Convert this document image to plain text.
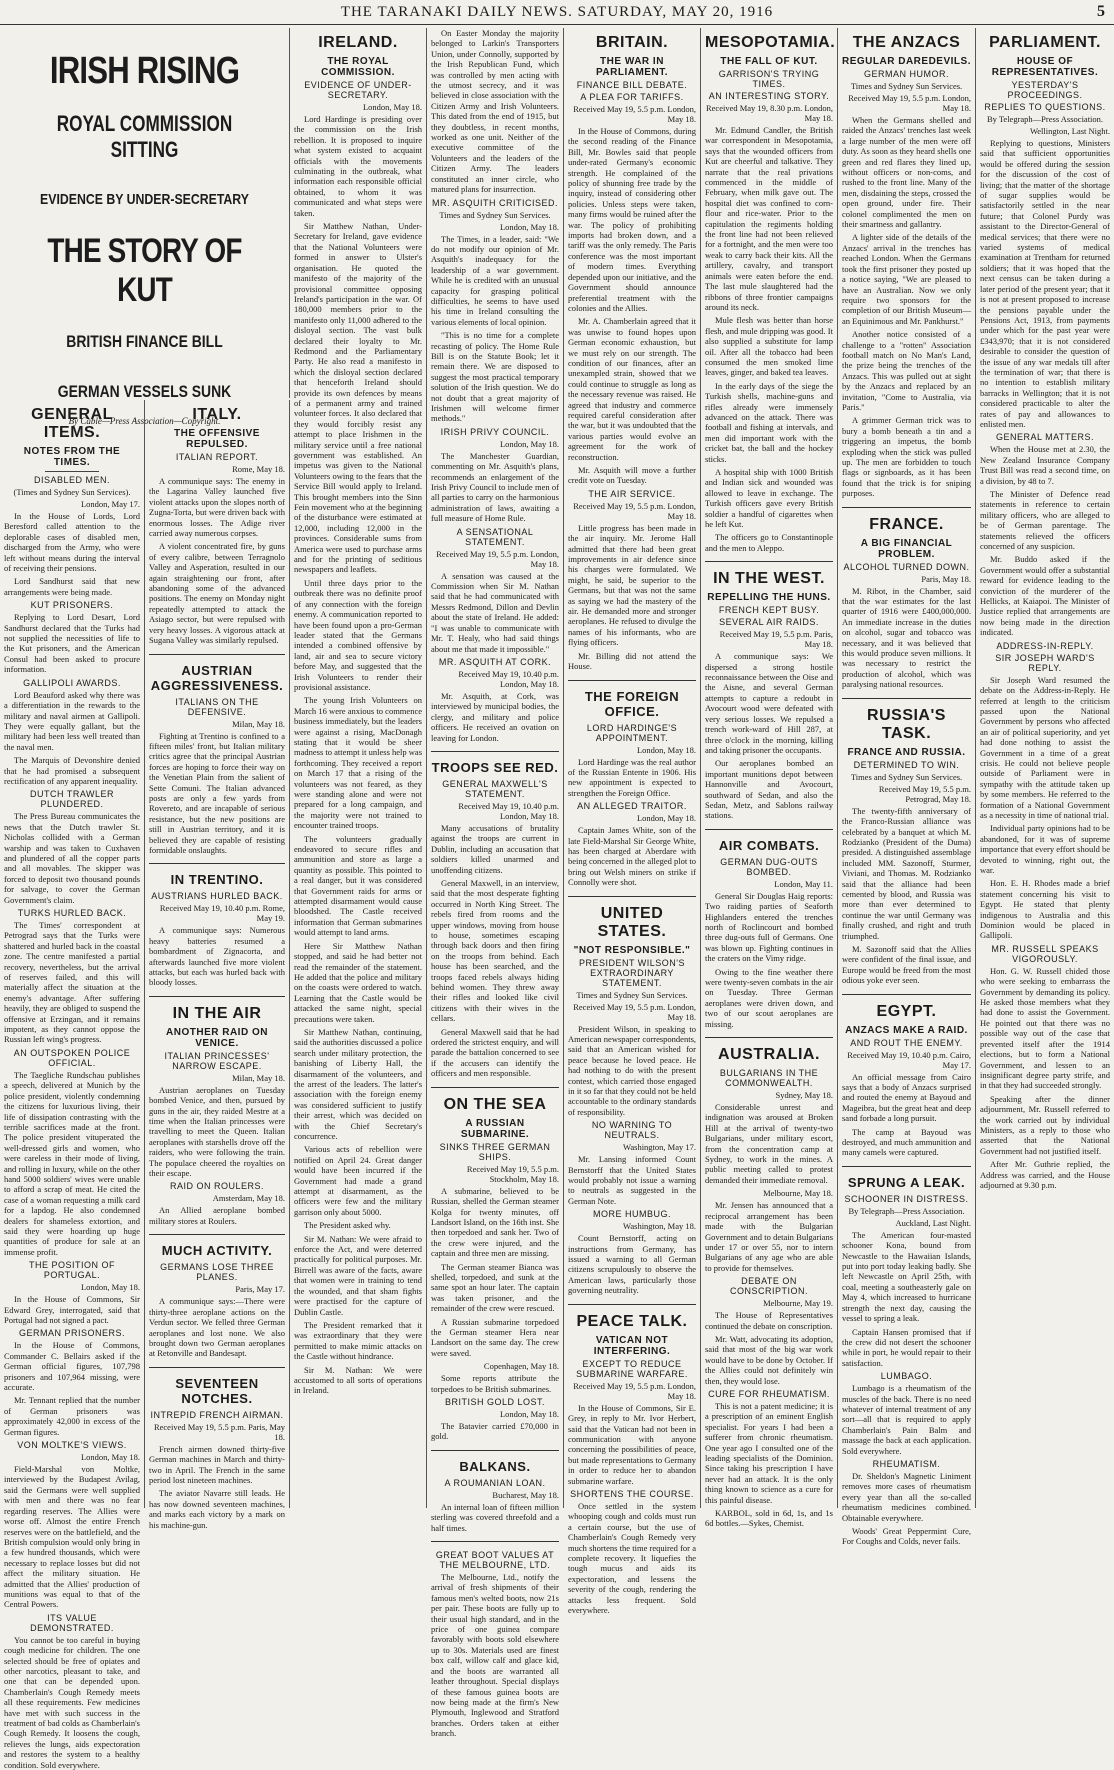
THE TARANAKI DAILY NEWS. SATURDAY, MAY 20, 1916	5
IRISH RISING
ROYAL COMMISSION SITTING
EVIDENCE BY UNDER-SECRETARY
THE STORY OF KUT
BRITISH FINANCE BILL
GERMAN VESSELS SUNK
By Cable—Press Association—Copyright.
GENERAL ITEMS.
NOTES FROM THE TIMES.
DISABLED MEN.
(Times and Sydney Sun Services).
London, May 17.

In the House of Lords, Lord Beresford called attention to the deplorable cases of disabled men, discharged from the Army, who were left without means during the interval of receiving their pensions.

Lord Sandhurst said that new arrangements were being made.

KUT PRISONERS.

Replying to Lord Desart, Lord Sandhurst declared that the Turks had not supplied the necessities of life to the Kut prisoners, and the American Consul had been asked to procure information.

GALLIPOLI AWARDS.

Lord Beauford asked why there was a differentiation in the rewards to the military and naval airmen at Gallipoli. They were equally gallant, but the military had been less well treated than the naval men.

The Marquis of Devonshire denied that he had promised a subsequent rectification of any apparent inequality.

DUTCH TRAWLER PLUNDERED.

The Press Bureau communicates the news that the Dutch trawler St. Nicholas collided with a German warship and was taken to Cuxhaven and plundered of all the copper parts and all movables. The skipper was forced to deposit two thousand pounds for salvage, to cover the German Government's claim.

TURKS HURLED BACK.

The Times' correspondent at Petrograd says that the Turks were shattered and hurled back in the coastal zone. The centre manifested a partial recovery, nevertheless, but the arrival of reserves failed, and this will materially affect the situation at the enemy's advantage. After suffering heavily, they are obliged to suspend the offensive at Erzingan, and it remains impotent, as they cannot oppose the Russian left wing's progress.

AN OUTSPOKEN POLICE OFFICIAL.

The Taegliche Rundschau publishes a speech, delivered at Munich by the police president, violently condemning the citizens for luxurious living, their life of dissipation contrasting with the terrible sacrifices made at the front. The police president vituperated the well-dressed girls and women, who were careless in their mode of living, and rolling in luxury, while on the other hand 5000 soldiers' wives were unable to afford a scrap of meat. He cited the case of a woman requesting a milk card for a lapdog. He also condemned dealers for shameless extortion, and said they were hoarding up huge quantities of produce for sale at an immense profit.

THE POSITION OF PORTUGAL.
London, May 18.

In the House of Commons, Sir Edward Grey, interrogated, said that Portugal had not signed a pact.

GERMAN PRISONERS.

In the House of Commons, Commander C. Bellairs asked if the German official figures, 107,798 prisoners and 107,964 missing, were accurate.

Mr. Tennant replied that the number of German prisoners was approximately 42,000 in excess of the German figures.

VON MOLTKE'S VIEWS.
London, May 18.

Field-Marshal von Moltke, interviewed by the Budapest Avilag, said the Germans were well supplied with men and there was no fear regarding reserves. The Allies were worse off. Almost the entire French reserves were on the battlefield, and the British compulsion would only bring in a few hundred thousands, which were necessary to replace losses but did not affect the military situation. He admitted that the Allies' production of munitions was equal to that of the Central Powers.

ITS VALUE DEMONSTRATED.

You cannot be too careful in buying cough medicine for children. The one selected should be free of opiates and other narcotics, pleasant to take, and one that can be depended upon. Chamberlain's Cough Remedy meets all these requirements. Few medicines have met with such success in the treatment of bad colds as Chamberlain's Cough Remedy. It loosens the cough, relieves the lungs, aids expectoration and restores the system to a healthy condition. Sold everywhere.

ITALY.
THE OFFENSIVE REPULSED.
ITALIAN REPORT.
Rome, May 18.

A communique says: The enemy in the Lagarina Valley launched five violent attacks upon the slopes north of Zugna-Torta, but were driven back with enormous losses. The Adige river carried away numerous corpses.

A violent concentrated fire, by guns of every calibre, between Terragnolo Valley and Asperation, resulted in our again straightening our front, after abandoning some of the advanced positions. The enemy on Monday night repeatedly attempted to attack the Asiago sector, but were repulsed with very heavy losses. A vigorous attack at Sugana Valley was similarly repulsed.

AUSTRIAN AGGRESSIVENESS.
ITALIANS ON THE DEFENSIVE.
Milan, May 18.

Fighting at Trentino is confined to a fifteen miles' front, but Italian military critics agree that the principal Austrian forces are hoping to force their way on the Venetian Plain from the salient of Sette Comuni. The Italian advanced posts are only a few yards from Rovereto, and are incapable of serious resistance, but the new positions are still in Austrian territory, and it is believed they are capable of resisting formidable onslaughts.

IN TRENTINO.
AUSTRIANS HURLED BACK.
Received May 19, 10.40 p.m. Rome, May 19.

A communique says: Numerous heavy batteries resumed a bombardment of Zignacorta, and afterwards launched five more violent attacks, but each was hurled back with bloody losses.

IN THE AIR
ANOTHER RAID ON VENICE.
ITALIAN PRINCESSES' NARROW ESCAPE.
Milan, May 18.

Austrian aeroplanes on Tuesday bombed Venice, and then, pursued by guns in the air, they raided Mestre at a time when the Italian princesses were travelling to meet the Queen. Italian aeroplanes with starshells drove off the raiders, who were following the train. The populace cheered the royalties on their escape.

RAID ON ROULERS.
Amsterdam, May 18.

An Allied aeroplane bombed military stores at Roulers.

MUCH ACTIVITY.
GERMANS LOSE THREE PLANES.
Paris, May 17.

A communique says:—There were thirty-three aeroplane actions on the Verdun sector. We felled three German aeroplanes and lost none. We also brought down two German aeroplanes at Retonville and Bandesapt.

SEVENTEEN NOTCHES.
INTREPID FRENCH AIRMAN.
Received May 19, 5.5 p.m. Paris, May 18.

French airmen downed thirty-five German machines in March and thirty-two in April. The French in the same period lost nineteen machines.

The aviator Navarre still leads. He has now downed seventeen machines, and marks each victory by a mark on his machine-gun.

IRELAND.
THE ROYAL COMMISSION.
EVIDENCE OF UNDER-SECRETARY.
London, May 18.

Lord Hardinge is presiding over the commission on the Irish rebellion. It is proposed to inquire what system existed to acquaint officials with the movements culminating in the outbreak, what information each responsible official obtained, to whom it was communicated and what steps were taken.

Sir Matthew Nathan, Under-Secretary for Ireland, gave evidence that the National Volunteers were formed in answer to Ulster's organisation. He quoted the manifesto of the majority of the provisional committee opposing Ireland's participation in the war. Of 180,000 members prior to the manifesto only 11,000 adhered to the disloyal section. The vast bulk declared their loyalty to Mr. Redmond and the Parliamentary Party. He also read a manifesto in which the disloyal section declared that henceforth Ireland should provide its own defences by means of a permanent army and trained volunteer forces. It also declared that they would forcibly resist any attempt to place Irishmen in the military service until a free national government was established. An impetus was given to the National Volunteers owing to the fears that the Service Bill would apply to Ireland. This brought members into the Sinn Fein movement who at the beginning of the disturbance were estimated at 12,000, including 12,000 in the provinces. Considerable sums from America were used to purchase arms and for the printing of seditious newspapers and leaflets.

Until three days prior to the outbreak there was no definite proof of any connection with the foreign enemy. A communication reported to have been found upon a pro-German leader stated that the Germans intended a combined offensive by land, air and sea to secure victory before May, and suggested that the Irish Volunteers to render their provisional assistance.

The young Irish Volunteers on March 16 were anxious to commence business immediately, but the leaders were against a rising, MacDonagh stating that it would be sheer madness to attempt it unless help was forthcoming. They received a report on March 17 that a rising of the volunteers was not feared, as they were standing alone and were not prepared for a long campaign, and the majority were not trained to encounter trained troops.

The volunteers gradually endeavored to secure rifles and ammunition and store as large a quantity as possible. This pointed to a real danger, but it was considered that Government raids for arms or attempted disarmament would cause bloodshed. The Castle received information that German submarines would attempt to land arms.

Here Sir Matthew Nathan stopped, and said he had better not read the remainder of the statement. He added that the police and military on the coasts were ordered to watch. Learning that the Castle would be attacked the same night, special precautions were taken.

Sir Matthew Nathan, continuing, said the authorities discussed a police search under military protection, the banishing of Liberty Hall, the disarmament of the volunteers, and the arrest of the leaders. The latter's association with the foreign enemy was considered sufficient to justify their arrest, which was decided on with the Chief Secretary's concurrence.

Various acts of rebellion were notified on April 24. Great danger would have been incurred if the Government had made a grand attempt at disarmament, as the officers were few and the military garrison only about 5000.

The President asked why.

Sir M. Nathan: We were afraid to enforce the Act, and were deterred practically for political purposes. Mr. Birrell was aware of the facts, aware that women were in training to tend the wounded, and that sham fights were practised for the capture of Dublin Castle.

The President remarked that it was extraordinary that they were permitted to make mimic attacks on the Castle without hindrance.

Sir M. Nathan: We were accustomed to all sorts of operations in Ireland.

On Easter Monday the majority belonged to Larkin's Transporters Union, under Connolly, supported by the Irish Republican Fund, which was controlled by men acting with the utmost secrecy, and it was believed in close association with the Citizen Army and Irish Volunteers. This dated from the end of 1915, but they doubtless, in recent months, worked as one unit. Neither of the executive committee of the Volunteers and the leaders of the Citizen Army. The leaders constituted an inner circle, who matured plans for insurrection.

MR. ASQUITH CRITICISED.
Times and Sydney Sun Services.
London, May 18.

The Times, in a leader, said: "We do not modify our opinion of Mr. Asquith's inadequacy for the leadership of a war government. While he is credited with an unusual capacity for grasping political difficulties, he seems to have used his time in Ireland consulting the various elements of local opinion.

"This is no time for a complete recasting of policy. The Home Rule Bill is on the Statute Book; let it remain there. We are disposed to suggest the most practical temporary solution of the Irish question. We do not doubt that a great majority of Irishmen will welcome firmer methods."

IRISH PRIVY COUNCIL.
London, May 18.

The Manchester Guardian, commenting on Mr. Asquith's plans, recommends an enlargement of the Irish Privy Council to include men of all parties to carry on the harmonious administration of laws, awaiting a full measure of Home Rule.

A SENSATIONAL STATEMENT.
Received May 19, 5.5 p.m. London, May 18.

A sensation was caused at the Commission when Sir M. Nathan said that he had communicated with Messrs Redmond, Dillon and Devlin about the state of Ireland. He added: "I was unable to communicate with Mr. T. Healy, who had said things about me that made it impossible."

MR. ASQUITH AT CORK.
Received May 19, 10.40 p.m. London, May 18.

Mr. Asquith, at Cork, was interviewed by municipal bodies, the clergy, and military and police officers. He received an ovation on leaving for London.

TROOPS SEE RED.
GENERAL MAXWELL'S STATEMENT.
Received May 19, 10.40 p.m. London, May 18.

Many accusations of brutality against the troops are current in Dublin, including an accusation that soldiers killed unarmed and unoffending citizens.

General Maxwell, in an interview, said that the most desperate fighting occurred in North King Street. The rebels fired from rooms and the upper windows, moving from house to house, sometimes escaping through back doors and then firing on the troops from behind. Each house has been searched, and the troops faced rebels always hiding behind women. They threw away their rifles and looked like civil citizens with their wives in the cellars.

General Maxwell said that he had ordered the strictest enquiry, and will parade the battalion concerned to see if the accusers can identify the officers and men responsible.

ON THE SEA
A RUSSIAN SUBMARINE.
SINKS THREE GERMAN SHIPS.
Received May 19, 5.5 p.m. Stockholm, May 18.

A submarine, believed to be Russian, shelled the German steamer Kolga for twenty minutes, off Landsort Island, on the 16th inst. She then torpedoed and sank her. Two of the crew were injured, and the captain and three men are missing.

The German steamer Bianca was shelled, torpedoed, and sunk at the same spot an hour later. The captain was taken prisoner, and the remainder of the crew were rescued.

A Russian submarine torpedoed the German steamer Hera near Landsort on the same day. The crew were saved.

Copenhagen, May 18.

Some reports attribute the torpedoes to be British submarines.

BRITISH GOLD LOST.
London, May 18.

The Batavier carried £70,000 in gold.

BALKANS.
A ROUMANIAN LOAN.
Bucharest, May 18.

An internal loan of fifteen million sterling was covered threefold and a half times.

GREAT BOOT VALUES AT THE MELBOURNE, LTD.

The Melbourne, Ltd., notify the arrival of fresh shipments of their famous men's welted boots, now 21s per pair. These boots are fully up to their usual high standard, and in the price of one guinea compare favorably with boots sold elsewhere up to 30s. Materials used are finest box calf, willow calf and glace kid, and the boots are warranted all leather throughout. Special displays of these famous guinea boots are now being made at the firm's New Plymouth, Inglewood and Stratford branches. Orders taken at either branch.

BRITAIN.
THE WAR IN PARLIAMENT.
FINANCE BILL DEBATE.
A PLEA FOR TARIFFS.
Received May 19, 5.5 p.m. London, May 18.

In the House of Commons, during the second reading of the Finance Bill, Mr. Bowles said that people under-rated Germany's economic strength. He complained of the policy of shunning free trade by the inquiry, instead of considering other policies. Unless steps were taken, many firms would be ruined after the war. The policy of prohibiting imports had broken down, and a tariff was the only remedy. The Paris conference was the most important of modern times. Everything depended upon our initiative, and the Government should announce preferential treatment with the colonies and the Allies.

Mr. A. Chamberlain agreed that it was unwise to found hopes upon German economic exhaustion, but we must rely on our strength. The condition of our finances, after an unexampled strain, showed that we could continue to struggle as long as the necessary revenue was raised. He agreed that industry and commerce required careful consideration after the war, but it was undoubted that the various parties would evolve an agreement for the work of reconstruction.

Mr. Asquith will move a further credit vote on Tuesday.

THE AIR SERVICE.
Received May 19, 5.5 p.m. London, May 18.

Little progress has been made in the air inquiry. Mr. Jerome Hall admitted that there had been great improvements in air defence since his charges were formulated. We might, he said, be superior to the Germans, but that was not the same as saying we had the mastery of the air. He demanded more and stronger aeroplanes. He refused to divulge the names of his informants, who are flying officers.

Mr. Billing did not attend the House.

THE FOREIGN OFFICE.
LORD HARDINGE'S APPOINTMENT.
London, May 18.

Lord Hardinge was the real author of the Russian Entente in 1906. His new appointment is expected to strengthen the Foreign Office.

AN ALLEGED TRAITOR.
London, May 18.

Captain James White, son of the late Field-Marshal Sir George White, has been charged at Aberdare with being concerned in the alleged plot to bring out Welsh miners on strike if Connolly were shot.

UNITED STATES.
"NOT RESPONSIBLE."
PRESIDENT WILSON'S EXTRAORDINARY STATEMENT.
Times and Sydney Sun Services.
Received May 19, 5.5 p.m. London, May 18.

President Wilson, in speaking to American newspaper correspondents, said that an American wished for peace because he loved peace. He had nothing to do with the present contest, which carried those engaged in it so far that they could not be held accountable to the ordinary standards of responsibility.

NO WARNING TO NEUTRALS.
Washington, May 17.

Mr. Lansing informed Count Bernstorff that the United States would probably not issue a warning to neutrals as suggested in the German Note.

MORE HUMBUG.
Washington, May 18.

Count Bernstorff, acting on instructions from Germany, has issued a warning to all German citizens scrupulously to observe the American laws, particularly those governing neutrality.

PEACE TALK.
VATICAN NOT INTERFERING.
EXCEPT TO REDUCE SUBMARINE WARFARE.
Received May 19, 5.5 p.m. London, May 18.

In the House of Commons, Sir E. Grey, in reply to Mr. Ivor Herbert, said that the Vatican had not been in communication with anyone concerning the possibilities of peace, but made representations to Germany in order to reduce her to abandon submarine warfare.

SHORTENS THE COURSE.

Once settled in the system whooping cough and colds must run a certain course, but the use of Chamberlain's Cough Remedy very much shortens the time required for a complete recovery. It liquefies the tough mucus and aids its expectoration, and lessens the severity of the cough, rendering the attacks less frequent. Sold everywhere.

MESOPOTAMIA.
THE FALL OF KUT.
GARRISON'S TRYING TIMES.
AN INTERESTING STORY.
Received May 19, 8.30 p.m. London, May 18.

Mr. Edmund Candler, the British war correspondent in Mesopotamia, says that the wounded officers from Kut are cheerful and talkative. They narrate that the real privations commenced in the middle of February, when milk gave out. The hospital diet was confined to corn-flour and rice-water. Prior to the capitulation the regiments holding the front line had not been relieved for a fortnight, and the men were too weak to carry back their kits. All the artillery, cavalry, and transport animals were eaten before the end. The last mule slaughtered had the ribbons of three frontier campaigns around its neck.

Mule flesh was better than horse flesh, and mule dripping was good. It also supplied a substitute for lamp oil. After all the tobacco had been consumed the men smoked lime leaves, ginger, and baked tea leaves.

In the early days of the siege the Turkish shells, machine-guns and rifles already were immensely advanced on the attack. There was football and fishing at intervals, and men did important work with the cricket bat, the ball and the hockey sticks.

A hospital ship with 1000 British and Indian sick and wounded was allowed to leave in exchange. The Turkish officers gave every British soldier a handful of cigarettes when he left Kut.

The officers go to Constantinople and the men to Aleppo.

IN THE WEST.
REPELLING THE HUNS.
FRENCH KEPT BUSY.
SEVERAL AIR RAIDS.
Received May 19, 5.5 p.m. Paris, May 18.

A communique says: We dispersed a strong hostile reconnaissance between the Oise and the Aisne, and several German attempts to capture a redoubt in Avocourt wood were defeated with very serious losses. We repulsed a trench work-ward of Hill 287, at three o'clock in the morning, killing and taking prisoner the occupants.

Our aeroplanes bombed an important munitions depot between Hannonville and Avocourt, southward of Sedan, and also the Sedan, Metz, and Sablons railway stations.

AIR COMBATS.
GERMAN DUG-OUTS BOMBED.
London, May 11.

General Sir Douglas Haig reports: Two raiding parties of Seaforth Highlanders entered the trenches north of Roclincourt and bombed three dug-outs full of Germans. One was blown up. Fighting continues in the craters on the Vimy ridge.

Owing to the fine weather there were twenty-seven combats in the air on Tuesday. Three German aeroplanes were driven down, and two of our scout aeroplanes are missing.

AUSTRALIA.
BULGARIANS IN THE COMMONWEALTH.
Sydney, May 18.

Considerable unrest and indignation was aroused at Broken Hill at the arrival of twenty-two Bulgarians, under military escort, from the concentration camp at Sydney, to work in the mines. A public meeting called to protest demanded their immediate removal.

Melbourne, May 18.

Mr. Jensen has announced that a reciprocal arrangement has been made with the Bulgarian Government and to detain Bulgarians under 17 or over 55, nor to intern Bulgarians of any age who are able to provide for themselves.

DEBATE ON CONSCRIPTION.
Melbourne, May 19.

The House of Representatives continued the debate on conscription.

Mr. Watt, advocating its adoption, said that most of the big war work would have to be done by October. If the Allies could not definitely win then, they would lose.

CURE FOR RHEUMATISM.

This is not a patent medicine; it is a prescription of an eminent English specialist. For years I had been a sufferer from chronic rheumatism. One year ago I consulted one of the leading specialists of the Dominion. Since taking his prescription I have never had an attack. It is the only thing known to science as a cure for this painful disease.

KARBOL, sold in 6d, 1s, and 1s 6d bottles.—Sykes, Chemist.

THE ANZACS
REGULAR DAREDEVILS.
GERMAN HUMOR.
Times and Sydney Sun Services.
Received May 19, 5.5 p.m. London, May 18.

When the Germans shelled and raided the Anzacs' trenches last week a large number of the men were off duty. As soon as they heard shells one green and red flares they lined up, without officers or non-coms, and rushed to the front line. Many of the men, disdaining the steps, crossed the open ground, under fire. Their colonel complimented the men on their smartness and gallantry.

A lighter side of the details of the Anzacs' arrival in the trenches has reached London. When the Germans took the first prisoner they posted up a notice saying, "We are pleased to have an Australian. Now we only require two sponsors for the completion of our British Museum—an Equinimous and Mr. Pankhurst."

Another notice consisted of a challenge to a "rotten" Association football match on No Man's Land, the prize being the trenches of the Anzacs. This was pulled out at sight by the Anzacs and replaced by an invitation, "Come to Australia, via Paris."

A grimmer German trick was to bury a bomb beneath a tin and a triggering an impetus, the bomb exploding when the stick was pulled up. The men are forbidden to touch flags or signboards, as it has been found that the trick is for sniping purposes.

FRANCE.
A BIG FINANCIAL PROBLEM.
ALCOHOL TURNED DOWN.
Paris, May 18.

M. Ribot, in the Chamber, said that the war estimates for the last quarter of 1916 were £400,000,000. An immediate increase in the duties on alcohol, sugar and tobacco was necessary, and it was believed that this would produce seven millions. It was necessary to restrict the production of alcohol, which was paralysing national resources.

RUSSIA'S TASK.
FRANCE AND RUSSIA.
DETERMINED TO WIN.
Times and Sydney Sun Services.
Received May 19, 5.5 p.m. Petrograd, May 18.

The twenty-fifth anniversary of the Franco-Russian alliance was celebrated by a banquet at which M. Rodzianko (President of the Duma) presided. A distinguished assemblage included MM. Sazonoff, Sturmer, Viviani, and Thomas. M. Rodzianko said that the alliance had been cemented by blood, and Russia was more than ever determined to continue the war until Germany was finally crushed, and right and truth triumphed.

M. Sazonoff said that the Allies were confident of the final issue, and Europe would be freed from the most odious yoke ever seen.

EGYPT.
ANZACS MAKE A RAID.
AND ROUT THE ENEMY.
Received May 19, 10.40 p.m. Cairo, May 17.

An official message from Cairo says that a body of Anzacs surprised and routed the enemy at Bayoud and Mageibra, but the great heat and deep sand forbade a long pursuit.

The camp at Bayoud was destroyed, and much ammunition and many camels were captured.

SPRUNG A LEAK.
SCHOONER IN DISTRESS.
By Telegraph—Press Association.
Auckland, Last Night.

The American four-masted schooner Kona, bound from Newcastle to the Hawaiian Islands, put into port today leaking badly. She left Newcastle on April 25th, with coal, meeting a southeasterly gale on May 4, which increased to hurricane strength the next day, causing the vessel to spring a leak.

Captain Hansen promised that if the crew did not desert the schooner while in port, he would repair to their satisfaction.

LUMBAGO.

Lumbago is a rheumatism of the muscles of the back. There is no need whatever of internal treatment of any sort—all that is required to apply Chamberlain's Pain Balm and massage the back at each application. Sold everywhere.

RHEUMATISM.

Dr. Sheldon's Magnetic Liniment removes more cases of rheumatism every year than all the so-called rheumatism medicines combined. Obtainable everywhere.

Woods' Great Peppermint Cure, For Coughs and Colds, never fails.

PARLIAMENT.
HOUSE OF REPRESENTATIVES.
YESTERDAY'S PROCEEDINGS.
REPLIES TO QUESTIONS.
By Telegraph—Press Association.
Wellington, Last Night.

Replying to questions, Ministers said that sufficient opportunities would be offered during the session for the discussion of the cost of living; that the matter of the shortage of sugar supplies would be satisfactorily settled in the near future; that Colonel Purdy was assistant to the Director-General of medical services; that there were no varied systems of medical examination at Trentham for returned soldiers; that it was hoped that the next census can be taken during a later period of the present year; that it is not at present proposed to increase the pensions payable under the Pensions Act, 1913, from payments under which for the past year were £343,970; that it is not considered desirable to consider the question of the issue of any war medals till after the termination of war; that there is no intention to establish military barracks in Wellington; that it is not considered practicable to alter the rates of pay and allowances to enlisted men.

GENERAL MATTERS.

When the House met at 2.30, the New Zealand Insurance Company Trust Bill was read a second time, on a division, by 48 to 7.

The Minister of Defence read statements in reference to certain military officers, who are alleged to be of German parentage. The statements relieved the officers concerned of any suspicion.

Mr. Buddo asked if the Government would offer a substantial reward for evidence leading to the conviction of the murderer of the Hellicks, at Kaiapoi. The Minister of Justice replied that arrangements are now being made in the direction indicated.

ADDRESS-IN-REPLY.
SIR JOSEPH WARD'S REPLY.

Sir Joseph Ward resumed the debate on the Address-in-Reply. He referred at length to the criticism passed upon the National Government by persons who affected an air of political superiority, and yet had done nothing to assist the Government in a time of a great crisis. He could not believe people outside of Parliament were in sympathy with the attitude taken up by some members. He referred to the formation of a National Government as a necessity in time of national trial.

Individual party opinions had to be abandoned, for it was of supreme importance that every effort should be devoted to winning, right out, the war.

Hon. E. H. Rhodes made a brief statement concerning his visit to Egypt. He stated that plenty indigenous to Australia and this Dominion would be placed in Gallipoli.

MR. RUSSELL SPEAKS VIGOROUSLY.

Hon. G. W. Russell chided those who were seeking to embarrass the Government by demanding its policy. He asked those members what they had done to assist the Government. He pointed out that there was no possible way out of the case that prevented itself after the 1914 elections, but to form a National Government, and lessen to an insignificant degree party strife, and in that they had succeeded strongly.

Speaking after the dinner adjournment, Mr. Russell referred to the work carried out by individual Ministers, as a reply to those who asserted that the National Government had not justified itself.

After Mr. Guthrie replied, the Address was carried, and the House adjourned at 9.30 p.m.
